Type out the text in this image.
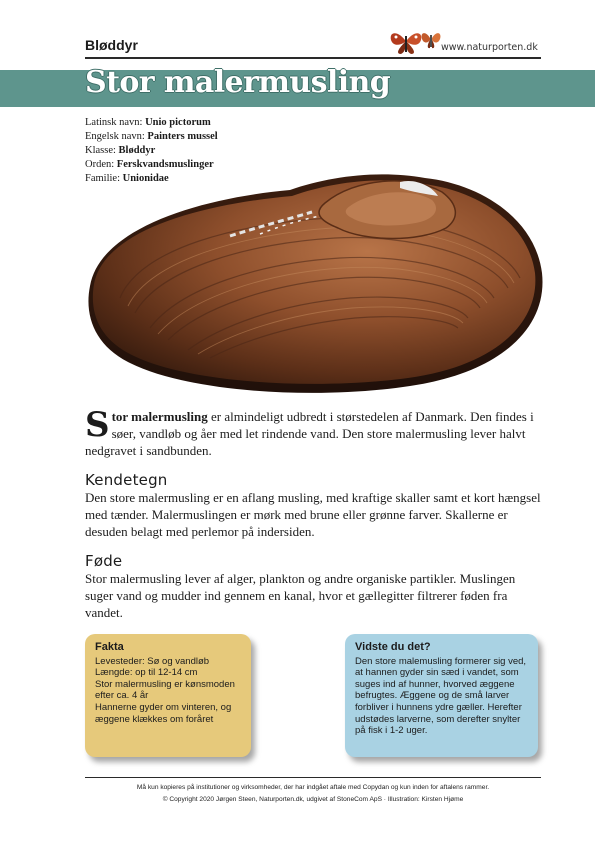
Bløddyr	www.naturporten.dk
Stor malermusling
Latinsk navn: Unio pictorum
Engelsk navn: Painters mussel
Klasse: Bløddyr
Orden: Ferskvandsmuslinger
Familie: Unionidae
Stor malermusling er almindeligt udbredt i størstedelen af Danmark. Den findes i søer, vandløb og åer med let rindende vand. Den store malermusling lever halvt nedgravet i sandbunden.
Kendetegn

Den store malermusling er en aflang musling, med kraftige skaller samt et kort hængsel med tænder. Malermuslingen er mørk med brune eller grønne farver. Skallerne er desuden belagt med perlemor på indersiden.

Føde

Stor malermusling lever af alger, plankton og andre organiske partikler. Muslingen suger vand og mudder ind gennem en kanal, hvor et gællegitter filtrerer føden fra vandet.

Fakta
Levesteder: Sø og vandløb
Længde: op til 12-14 cm
Stor malermusling er kønsmoden efter ca. 4 år
Hannerne gyder om vinteren, og æggene klækkes om foråret
Vidste du det?
Den store malemusling formerer sig ved, at hannen gyder sin sæd i vandet, som suges ind af hunner, hvorved æggene befrugtes. Æggene og de små larver forbliver i hunnens ydre gæller. Herefter udstødes larverne, som derefter snylter på fisk i 1-2 uger.
Må kun kopieres på institutioner og virksomheder, der har indgået aftale med Copydan og kun inden for aftalens rammer.
© Copyright 2020 Jørgen Steen, Naturporten.dk, udgivet af StoneCom ApS · Illustration: Kirsten Hjøme
